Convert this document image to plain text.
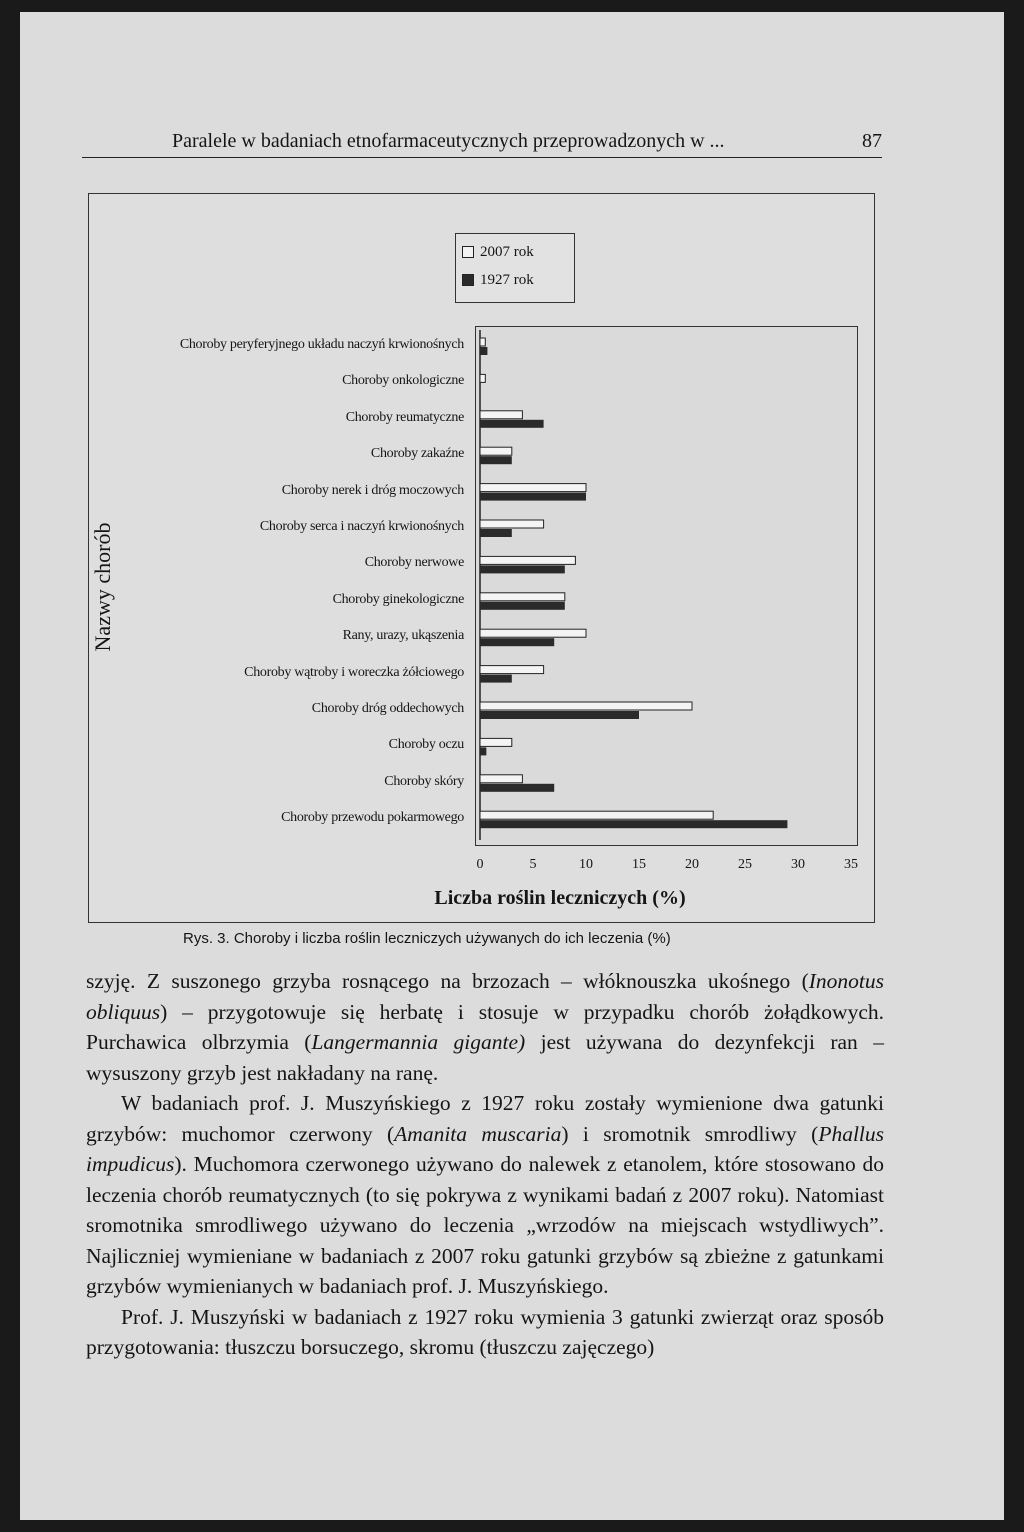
Paralele w badaniach etnofarmaceutycznych przeprowadzonych w ...	87
2007 rok
1927 rok
Choroby peryferyjnego układu naczyń krwionośnych
Choroby onkologiczne
Choroby reumatyczne
Choroby zakaźne
Choroby nerek i dróg moczowych
Choroby serca i naczyń krwionośnych
Choroby nerwowe
Choroby ginekologiczne
Rany, urazy, ukąszenia
Choroby wątroby i woreczka żółciowego
Choroby dróg oddechowych
Choroby oczu
Choroby skóry
Choroby przewodu pokarmowego
0	5	10	15	20	25	30	35
Nazwy chorób
Liczba roślin leczniczych (%)
Rys. 3. Choroby i liczba roślin leczniczych używanych do ich leczenia (%)

szyję. Z suszonego grzyba rosnącego na brzozach – włóknouszka ukośnego (Inonotus obliquus) – przygotowuje się herbatę i stosuje w przypadku chorób żołądkowych. Purchawica olbrzymia (Langermannia gigante) jest używana do dezynfekcji ran – wysuszony grzyb jest nakładany na ranę.

W badaniach prof. J. Muszyńskiego z 1927 roku zostały wymienione dwa gatunki grzybów: muchomor czerwony (Amanita muscaria) i sromotnik smrodliwy (Phallus impudicus). Muchomora czerwonego używano do nalewek z etanolem, które stosowano do leczenia chorób reumatycznych (to się pokrywa z wynikami badań z 2007 roku). Natomiast sromotnika smrodliwego używano do leczenia „wrzodów na miejscach wstydliwych”. Najliczniej wymieniane w badaniach z 2007 roku gatunki grzybów są zbieżne z gatunkami grzybów wymienianych w badaniach prof. J. Muszyńskiego.

Prof. J. Muszyński w badaniach z 1927 roku wymienia 3 gatunki zwierząt oraz sposób przygotowania: tłuszczu borsuczego, skromu (tłuszczu zajęczego)
